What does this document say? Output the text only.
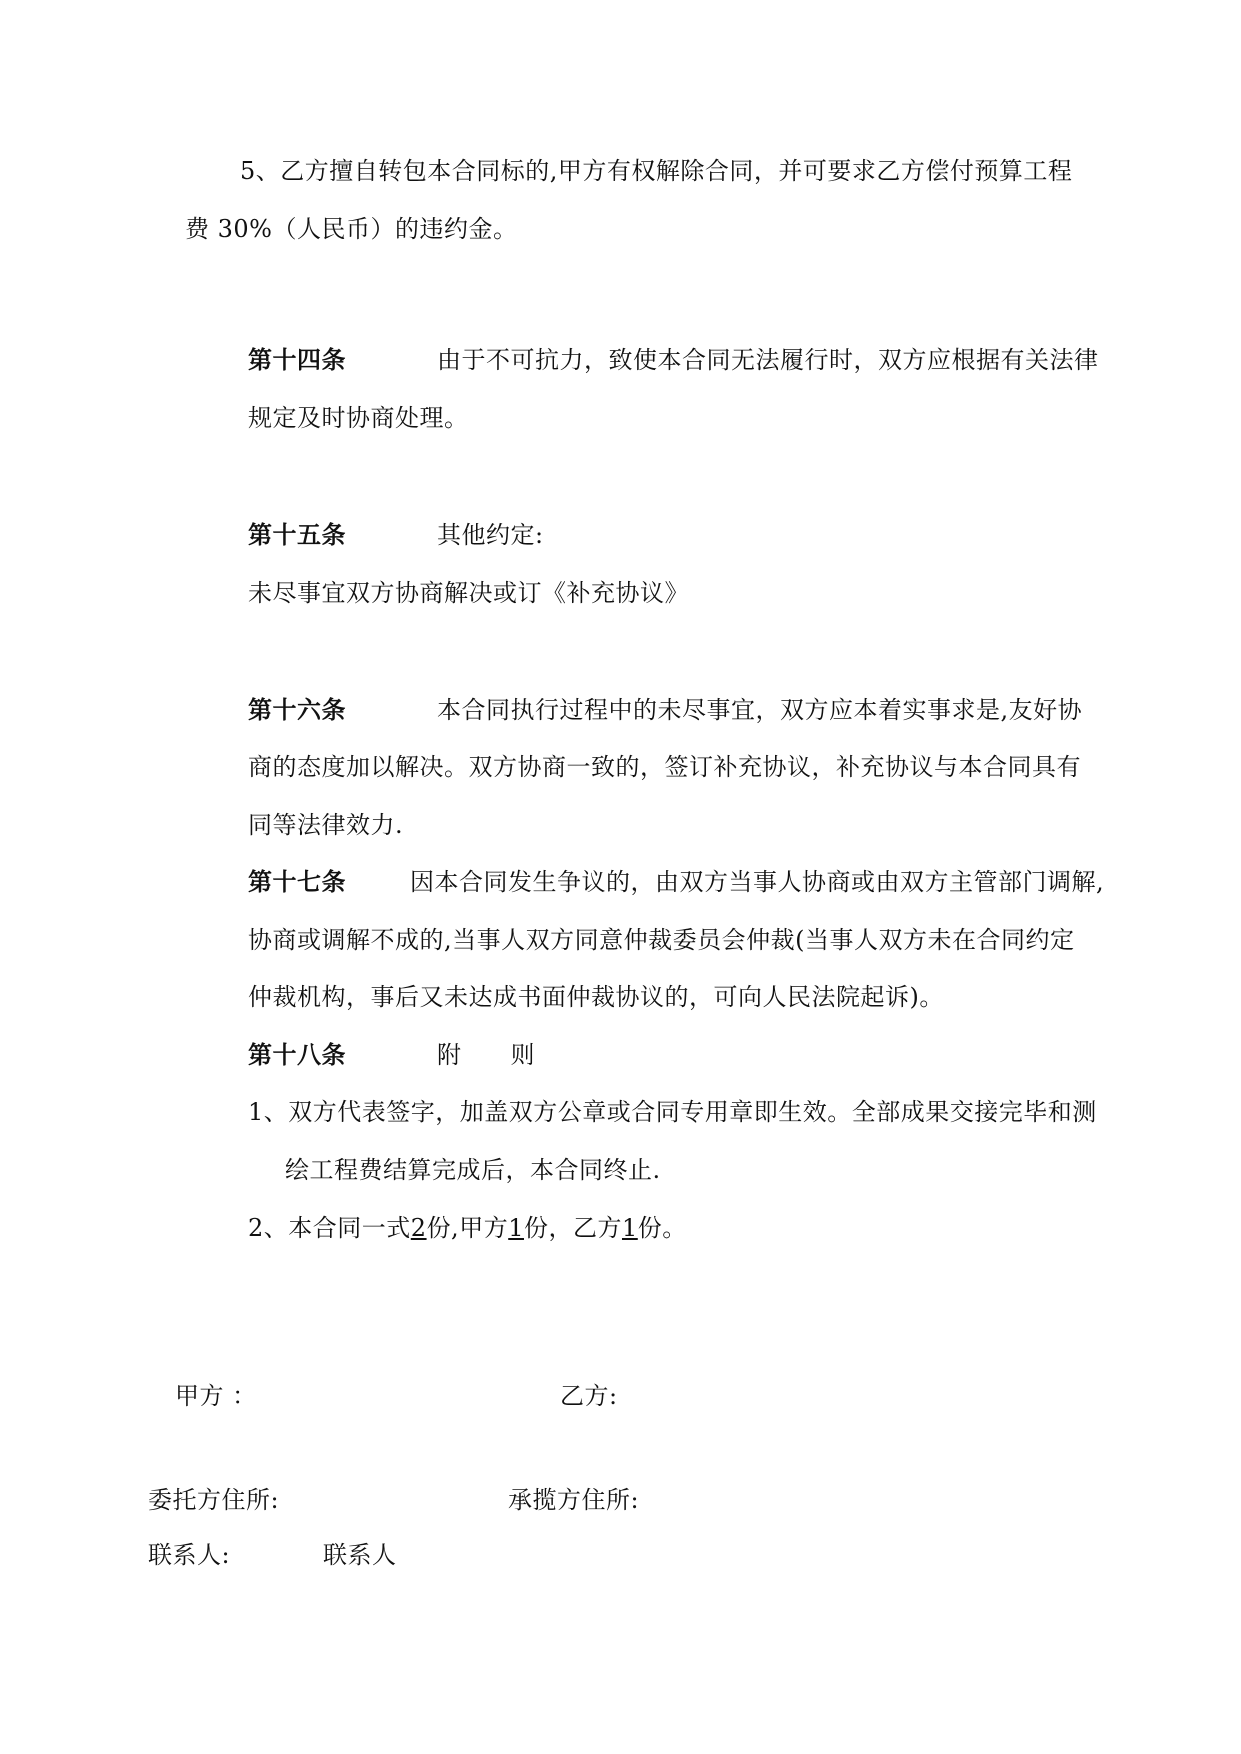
5、乙方擅自转包本合同标的,甲方有权解除合同，并可要求乙方偿付预算工程
费 30%（人民币）的违约金。
第十四条	由于不可抗力，致使本合同无法履行时，双方应根据有关法律
规定及时协商处理。
第十五条	其他约定:
未尽事宜双方协商解决或订《补充协议》
第十六条	本合同执行过程中的未尽事宜，双方应本着实事求是,友好协
商的态度加以解决。双方协商一致的，签订补充协议，补充协议与本合同具有
同等法律效力.
第十七条	因本合同发生争议的，由双方当事人协商或由双方主管部门调解,
协商或调解不成的,当事人双方同意仲裁委员会仲裁(当事人双方未在合同约定
仲裁机构，事后又未达成书面仲裁协议的，可向人民法院起诉)。
第十八条	附　　则
1、双方代表签字，加盖双方公章或合同专用章即生效。全部成果交接完毕和测
绘工程费结算完成后，本合同终止.
2、本合同一式2份,甲方1份，乙方1份。
甲方 ：	乙方:
委托方住所:	承揽方住所:
联系人:	联系人
